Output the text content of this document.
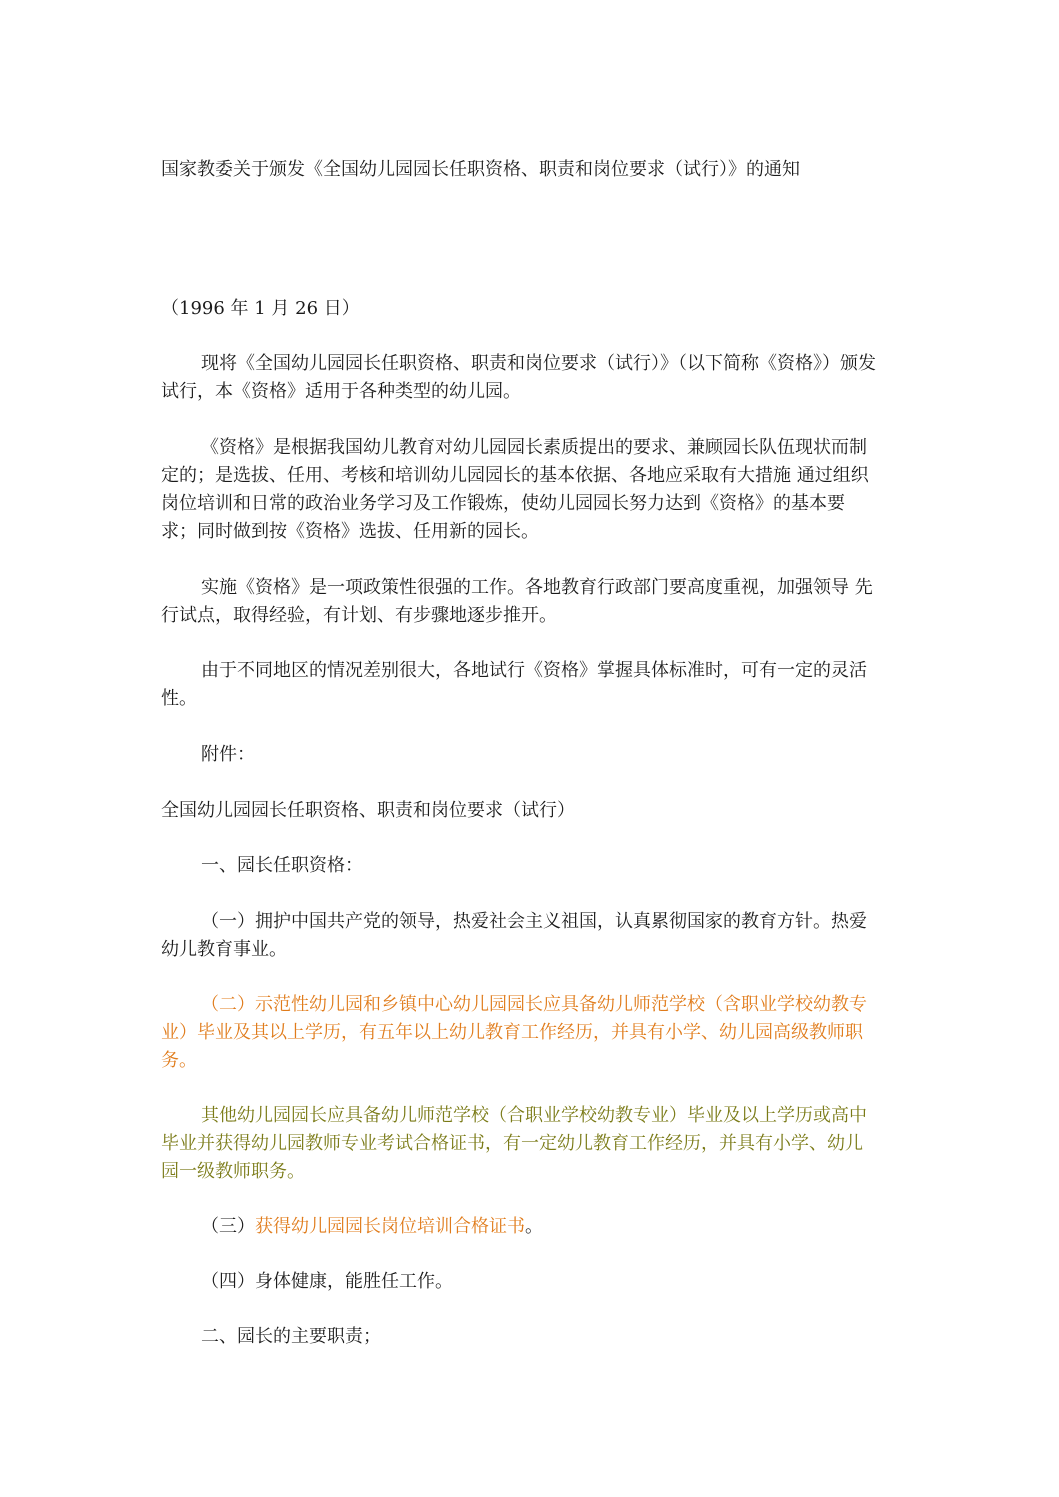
国家教委关于颁发《全国幼儿园园长任职资格、职责和岗位要求（试行）》的通知
（1996 年 1 月 26 日）
现将《全国幼儿园园长任职资格、职责和岗位要求（试行）》（以下简称《资格》）颁发
试行，本《资格》适用于各种类型的幼儿园。
《资格》是根据我国幼儿教育对幼儿园园长素质提出的要求、兼顾园长队伍现状而制
定的；是选拔、任用、考核和培训幼儿园园长的基本依据、各地应采取有大措施 通过组织
岗位培训和日常的政治业务学习及工作锻炼，使幼儿园园长努力达到《资格》的基本要
求；同时做到按《资格》选拔、任用新的园长。
实施《资格》是一项政策性很强的工作。各地教育行政部门要高度重视，加强领导 先
行试点，取得经验，有计划、有步骤地逐步推开。
由于不同地区的情况差别很大，各地试行《资格》掌握具体标准时，可有一定的灵活
性。
附件：
全国幼儿园园长任职资格、职责和岗位要求（试行）
一、园长任职资格：
（一）拥护中国共产党的领导，热爱社会主义祖国，认真累彻国家的教育方针。热爱
幼儿教育事业。
（二）示范性幼儿园和乡镇中心幼儿园园长应具备幼儿师范学校（含职业学校幼教专
业）毕业及其以上学历，有五年以上幼儿教育工作经历，并具有小学、幼儿园高级教师职
务。
其他幼儿园园长应具备幼儿师范学校（合职业学校幼教专业）毕业及以上学历或高中
毕业并获得幼儿园教师专业考试合格证书，有一定幼儿教育工作经历，并具有小学、幼儿
园一级教师职务。
（三）获得幼儿园园长岗位培训合格证书。
（四）身体健康，能胜任工作。
二、园长的主要职责；
